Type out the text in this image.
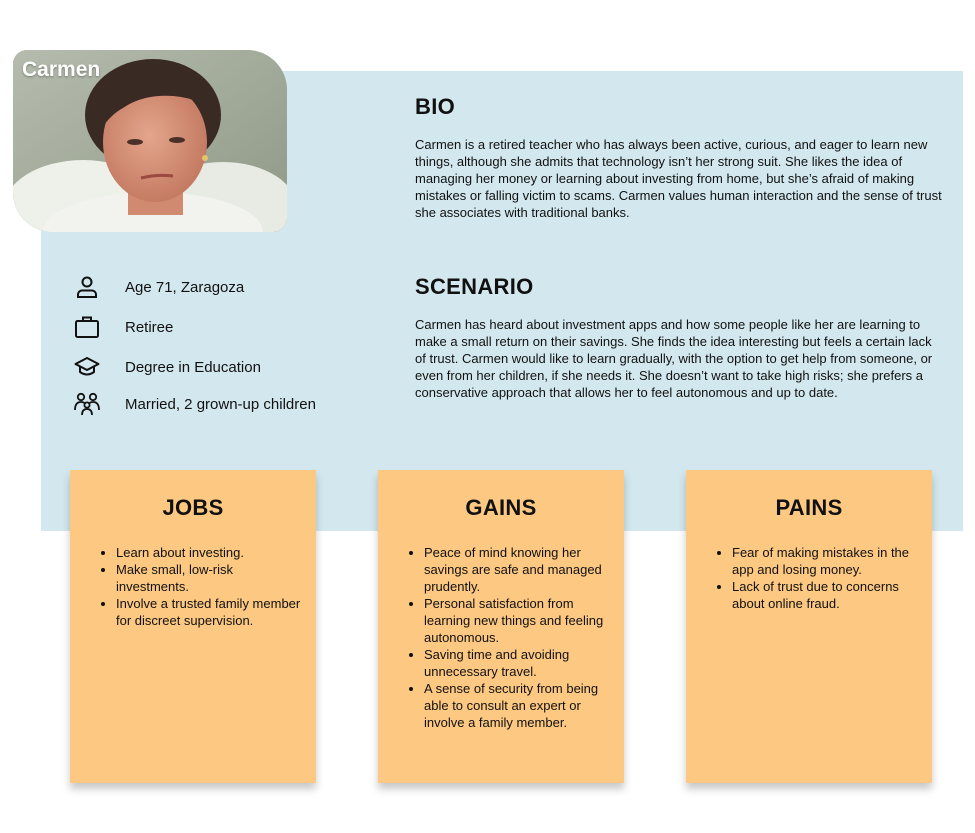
Carmen
BIO

Carmen is a retired teacher who has always been active, curious, and eager to learn new things, although she admits that technology isn’t her strong suit. She likes the idea of managing her money or learning about investing from home, but she’s afraid of making mistakes or falling victim to scams. Carmen values human interaction and the sense of trust she associates with traditional banks.

SCENARIO

Carmen has heard about investment apps and how some people like her are learning to make a small return on their savings. She finds the idea interesting but feels a certain lack of trust. Carmen would like to learn gradually, with the option to get help from someone, or even from her children, if she needs it. She doesn’t want to take high risks; she prefers a conservative approach that allows her to feel autonomous and up to date.

Age 71, Zaragoza
Retiree
Degree in Education
Married, 2 grown-up children
JOBS
• Learn about investing.
• Make small, low-risk investments.
• Involve a trusted family member for discreet supervision.
GAINS
• Peace of mind knowing her savings are safe and managed prudently.
• Personal satisfaction from learning new things and feeling autonomous.
• Saving time and avoiding unnecessary travel.
• A sense of security from being able to consult an expert or involve a family member.
PAINS
• Fear of making mistakes in the app and losing money.
• Lack of trust due to concerns about online fraud.
